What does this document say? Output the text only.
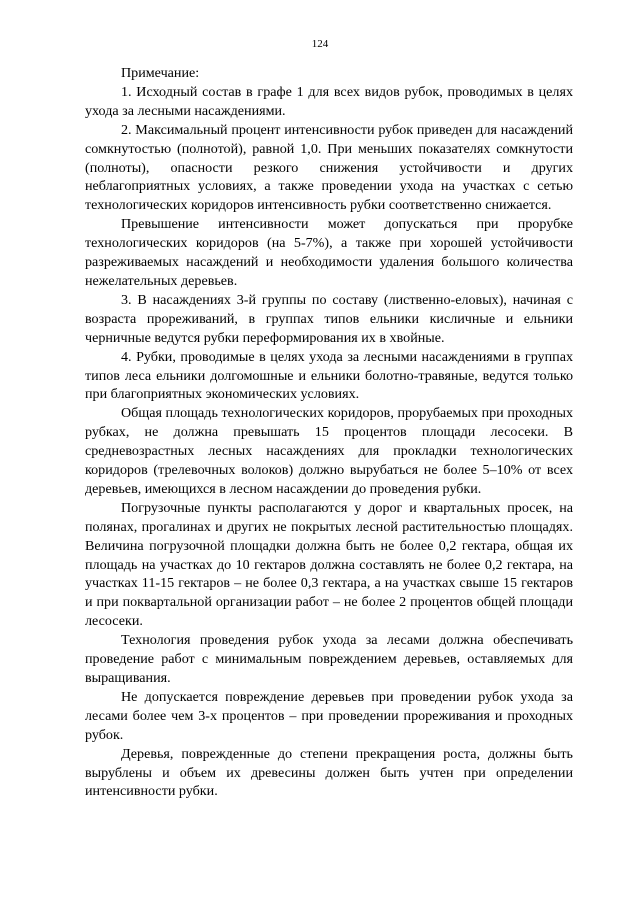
124

Примечание:

1. Исходный состав в графе 1 для всех видов рубок, проводимых в целях ухода за лесными насаждениями.

2. Максимальный процент интенсивности рубок приведен для насаждений сомкнутостью (полнотой), равной 1,0. При меньших показателях сомкнутости (полноты), опасности резкого снижения устойчивости и других неблагоприятных условиях, а также проведении ухода на участках с сетью технологических коридоров интенсивность рубки соответственно снижается.

Превышение интенсивности может допускаться при прорубке технологических коридоров (на 5-7%), а также при хорошей устойчивости разреживаемых насаждений и необходимости удаления большого количества нежелательных деревьев.

3. В насаждениях 3-й группы по составу (лиственно-еловых), начиная с возраста прореживаний, в группах типов ельники кисличные и ельники черничные ведутся рубки переформирования их в хвойные.

4. Рубки, проводимые в целях ухода за лесными насаждениями в группах типов леса ельники долгомошные и ельники болотно-травяные, ведутся только при благоприятных экономических условиях.

Общая площадь технологических коридоров, прорубаемых при проходных рубках, не должна превышать 15 процентов площади лесосеки. В средневозрастных лесных насаждениях для прокладки технологических коридоров (трелевочных волоков) должно вырубаться не более 5–10% от всех деревьев, имеющихся в лесном насаждении до проведения рубки.

Погрузочные пункты располагаются у дорог и квартальных просек, на полянах, прогалинах и других не покрытых лесной растительностью площадях. Величина погрузочной площадки должна быть не более 0,2 гектара, общая их площадь на участках до 10 гектаров должна составлять не более 0,2 гектара, на участках 11-15 гектаров – не более 0,3 гектара, а на участках свыше 15 гектаров и при поквартальной организации работ – не более 2 процентов общей площади лесосеки.

Технология проведения рубок ухода за лесами должна обеспечивать проведение работ с минимальным повреждением деревьев, оставляемых для выращивания.

Не допускается повреждение деревьев при проведении рубок ухода за лесами более чем 3-х процентов – при проведении прореживания и проходных рубок.

Деревья, поврежденные до степени прекращения роста, должны быть вырублены и объем их древесины должен быть учтен при определении интенсивности рубки.
